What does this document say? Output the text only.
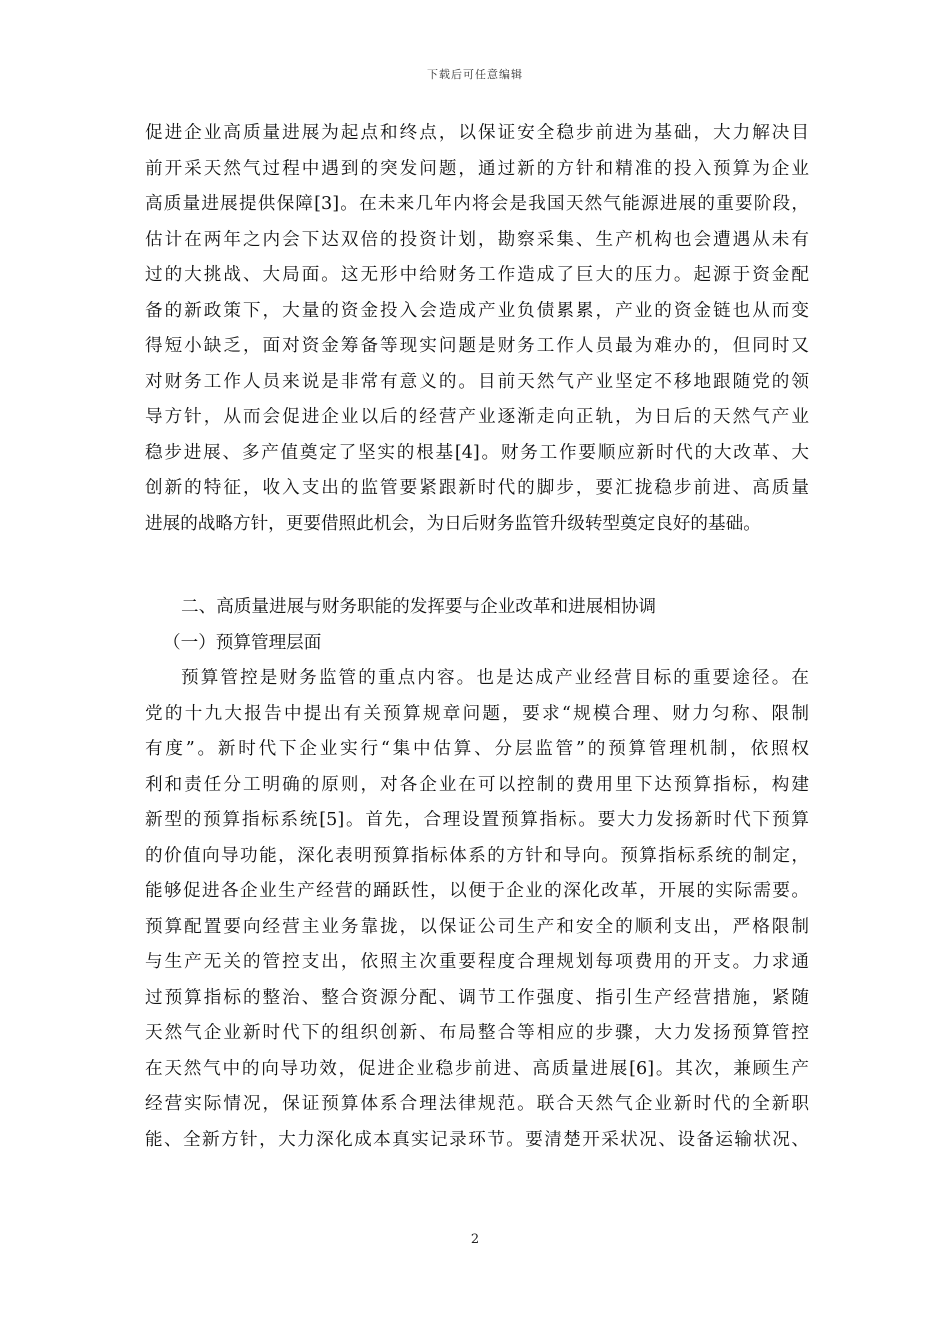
下载后可任意编辑
促进企业高质量进展为起点和终点，以保证安全稳步前进为基础，大力解决目
前开采天然气过程中遇到的突发问题，通过新的方针和精准的投入预算为企业
高质量进展提供保障[3]。在未来几年内将会是我国天然气能源进展的重要阶段，
估计在两年之内会下达双倍的投资计划，勘察采集、生产机构也会遭遇从未有
过的大挑战、大局面。这无形中给财务工作造成了巨大的压力。起源于资金配
备的新政策下，大量的资金投入会造成产业负债累累，产业的资金链也从而变
得短小缺乏，面对资金筹备等现实问题是财务工作人员最为难办的，但同时又
对财务工作人员来说是非常有意义的。目前天然气产业坚定不移地跟随党的领
导方针，从而会促进企业以后的经营产业逐渐走向正轨，为日后的天然气产业
稳步进展、多产值奠定了坚实的根基[4]。财务工作要顺应新时代的大改革、大
创新的特征，收入支出的监管要紧跟新时代的脚步，要汇拢稳步前进、高质量
进展的战略方针，更要借照此机会，为日后财务监管升级转型奠定良好的基础。
二、高质量进展与财务职能的发挥要与企业改革和进展相协调
（一）预算管理层面
预算管控是财务监管的重点内容。也是达成产业经营目标的重要途径。在
党的十九大报告中提出有关预算规章问题，要求“规模合理、财力匀称、限制
有度”。新时代下企业实行“集中估算、分层监管”的预算管理机制，依照权
利和责任分工明确的原则，对各企业在可以控制的费用里下达预算指标，构建
新型的预算指标系统[5]。首先，合理设置预算指标。要大力发扬新时代下预算
的价值向导功能，深化表明预算指标体系的方针和导向。预算指标系统的制定，
能够促进各企业生产经营的踊跃性，以便于企业的深化改革，开展的实际需要。
预算配置要向经营主业务靠拢，以保证公司生产和安全的顺利支出，严格限制
与生产无关的管控支出，依照主次重要程度合理规划每项费用的开支。力求通
过预算指标的整治、整合资源分配、调节工作强度、指引生产经营措施，紧随
天然气企业新时代下的组织创新、布局整合等相应的步骤，大力发扬预算管控
在天然气中的向导功效，促进企业稳步前进、高质量进展[6]。其次，兼顾生产
经营实际情况，保证预算体系合理法律规范。联合天然气企业新时代的全新职
能、全新方针，大力深化成本真实记录环节。要清楚开采状况、设备运输状况、
2
